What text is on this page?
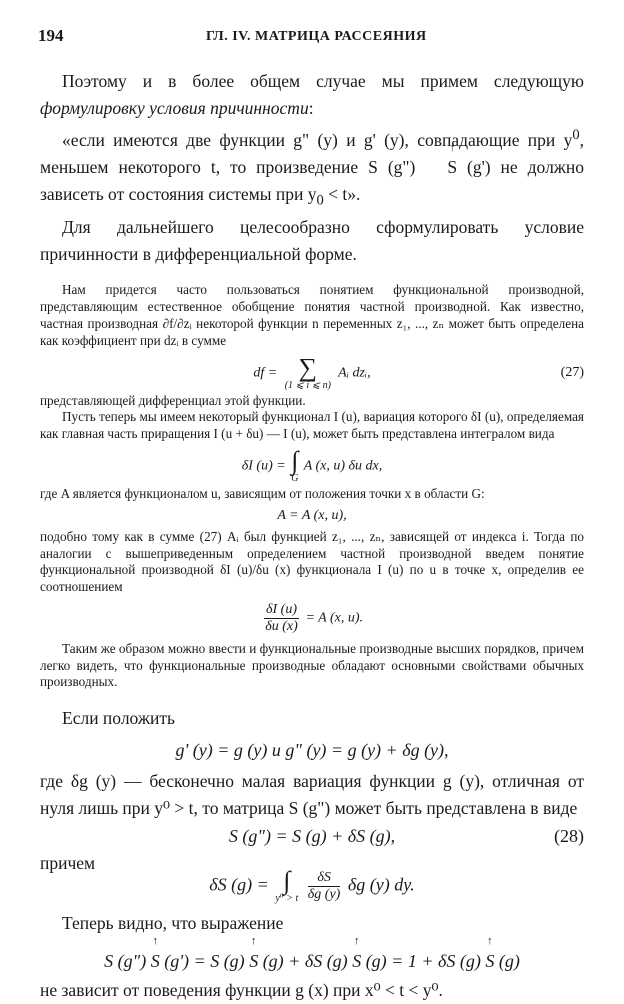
194	ГЛ. IV. МАТРИЦА РАССЕЯНИЯ

Поэтому и в более общем случае мы примем следующую формулировку условия причинности:

«если имеются две функции g" (y) и g' (y), совпадающие при $y^0$, меньшем некоторого t, то произведение S (g") ↑ S (g') не должно зависеть от состояния системы при $y_0 < t$».

Для дальнейшего целесообразно сформулировать условие причинности в дифференциальной форме.

Нам придется часто пользоваться понятием функциональной производной, представляющим естественное обобщение понятия частной производной. Как известно, частная производная ∂f/∂zᵢ некоторой функции n переменных z₁, ..., zₙ может быть определена как коэффициент при dzᵢ в сумме

df = ∑
(1 ⩽ i ⩽ n)
Aᵢ dzᵢ,	(27)

представляющей дифференциал этой функции.

Пусть теперь мы имеем некоторый функционал I (u), вариация которого δI (u), определяемая как главная часть приращения I (u + δu) — I (u), может быть представлена интегралом вида

δI (u) = ∫
G
A (x, u) δu dx,

где A является функционалом u, зависящим от положения точки x в области G:

A = A (x, u),

подобно тому как в сумме (27) Aᵢ был функцией z₁, ..., zₙ, зависящей от индекса i. Тогда по аналогии с вышеприведенным определением частной производной введем понятие функциональной производной δI (u)/δu (x) функционала I (u) по u в точке x, определив ее соотношением

$\frac{\delta I (u)}{\delta u (x)} = A$ (x, u).

Таким же образом можно ввести и функциональные производные высших порядков, причем легко видеть, что функциональные производные обладают основными свойствами обычных производных.

Если положить

g' (y) = g (y) и g" (y) = g (y) + δg (y),

где δg (y) — бесконечно малая вариация функции g (y), отличная от нуля лишь при y⁰ > t, то матрица S (g") может быть представлена в виде

S (g") = S (g) + δS (g),	(28)

причем

δS (g) = ∫
y⁰ > t
$\frac{\delta S}{\delta g (y)}$ δg (y) dy.

Теперь видно, что выражение

S (g") ↑ S (g') = S (g) ↑ S (g) + δS (g) ↑ S (g) = 1 + δS (g) ↑ S (g)

не зависит от поведения функции g (x) при x⁰ < t < y⁰.
